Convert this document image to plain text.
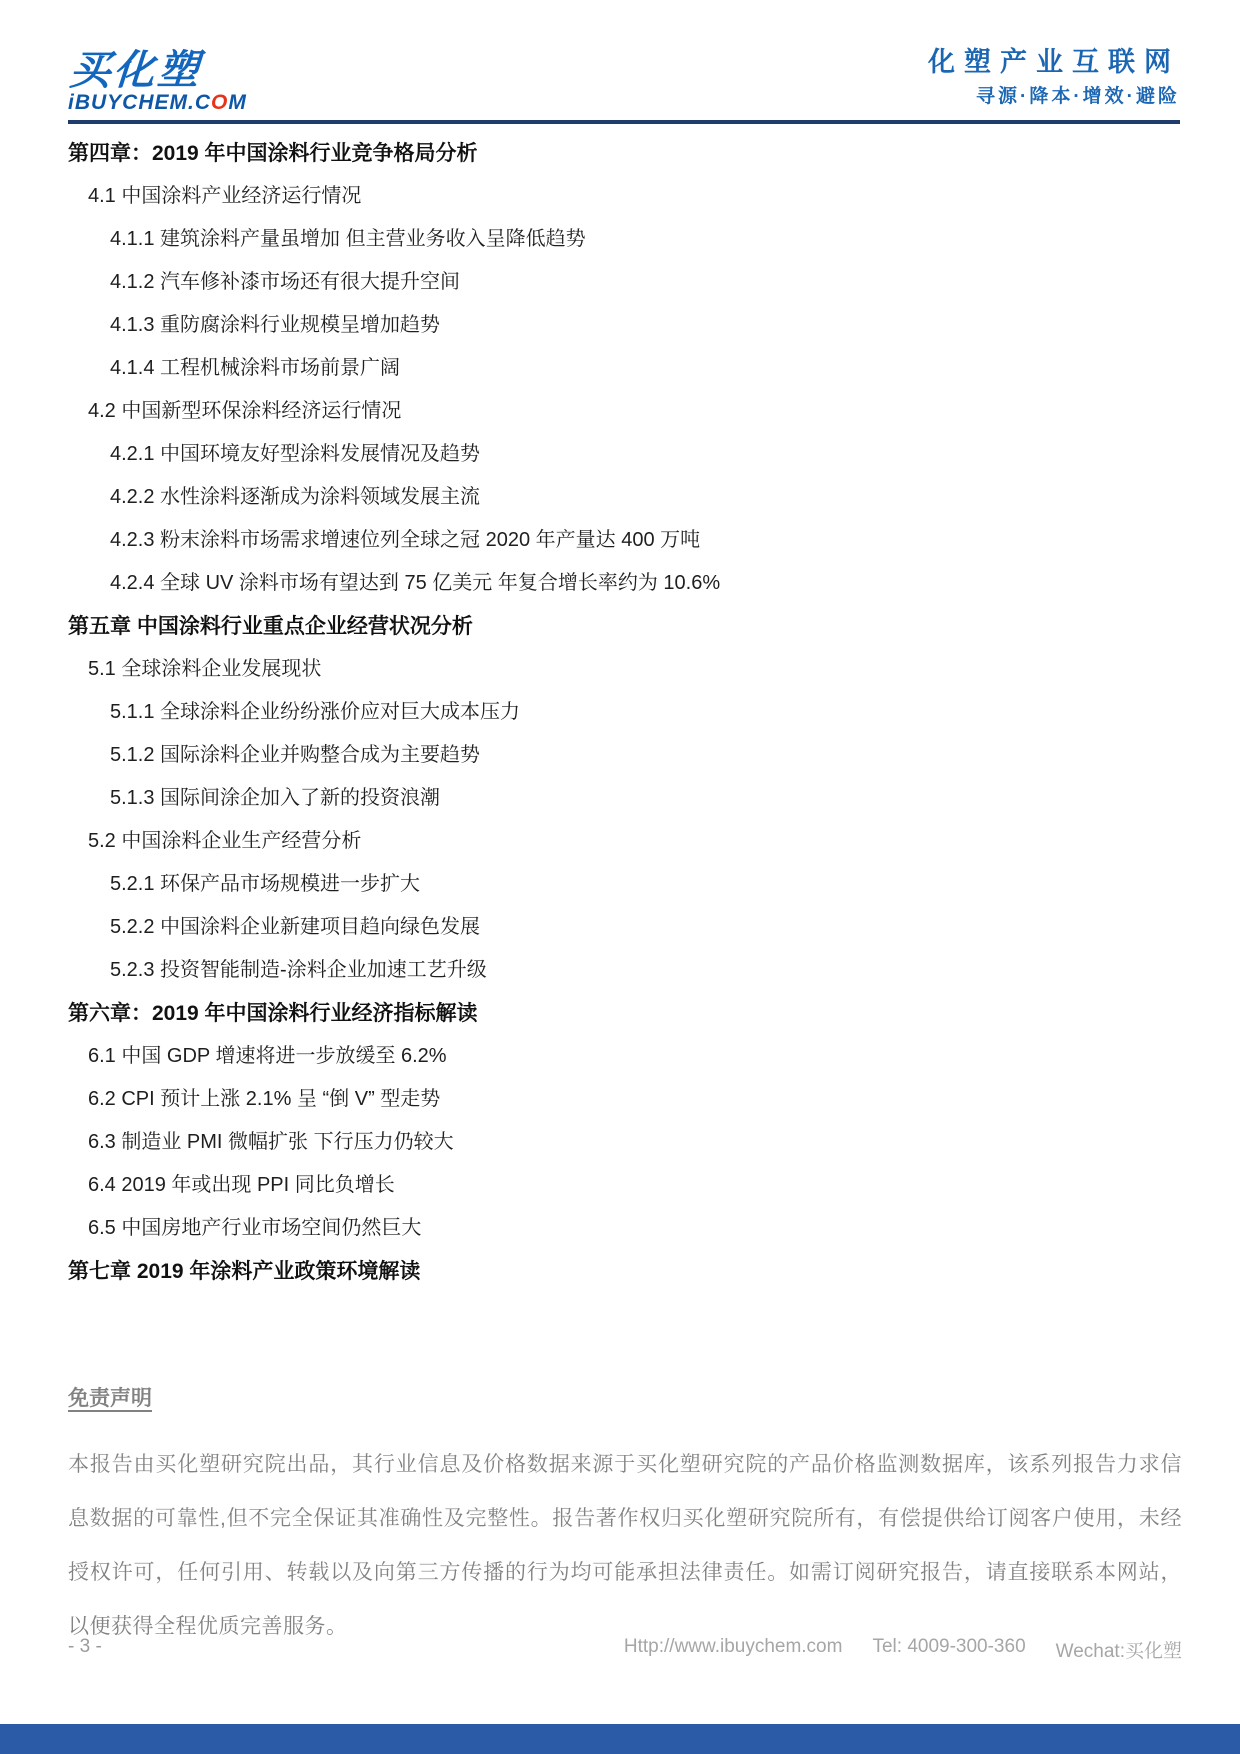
买化塑
iBUYCHEM.COM
化塑产业互联网
寻源·降本·增效·避险
第四章：2019 年中国涂料行业竞争格局分析
4.1 中国涂料产业经济运行情况
4.1.1 建筑涂料产量虽增加 但主营业务收入呈降低趋势
4.1.2 汽车修补漆市场还有很大提升空间
4.1.3 重防腐涂料行业规模呈增加趋势
4.1.4 工程机械涂料市场前景广阔
4.2 中国新型环保涂料经济运行情况
4.2.1 中国环境友好型涂料发展情况及趋势
4.2.2 水性涂料逐渐成为涂料领域发展主流
4.2.3 粉末涂料市场需求增速位列全球之冠 2020 年产量达 400 万吨
4.2.4 全球 UV 涂料市场有望达到 75 亿美元 年复合增长率约为 10.6%
第五章 中国涂料行业重点企业经营状况分析
5.1 全球涂料企业发展现状
5.1.1 全球涂料企业纷纷涨价应对巨大成本压力
5.1.2 国际涂料企业并购整合成为主要趋势
5.1.3 国际间涂企加入了新的投资浪潮
5.2 中国涂料企业生产经营分析
5.2.1 环保产品市场规模进一步扩大
5.2.2 中国涂料企业新建项目趋向绿色发展
5.2.3 投资智能制造-涂料企业加速工艺升级
第六章：2019 年中国涂料行业经济指标解读
6.1 中国 GDP 增速将进一步放缓至 6.2%
6.2 CPI 预计上涨 2.1% 呈 “倒 V” 型走势
6.3 制造业 PMI 微幅扩张 下行压力仍较大
6.4 2019 年或出现 PPI 同比负增长
6.5 中国房地产行业市场空间仍然巨大
第七章 2019 年涂料产业政策环境解读
免责声明
本报告由买化塑研究院出品，其行业信息及价格数据来源于买化塑研究院的产品价格监测数据库，该系列报告力求信息数据的可靠性,但不完全保证其准确性及完整性。报告著作权归买化塑研究院所有，有偿提供给订阅客户使用，未经授权许可，任何引用、转载以及向第三方传播的行为均可能承担法律责任。如需订阅研究报告，请直接联系本网站，以便获得全程优质完善服务。
- 3 -	Http://www.ibuychem.com Tel: 4009-300-360 Wechat:买化塑
